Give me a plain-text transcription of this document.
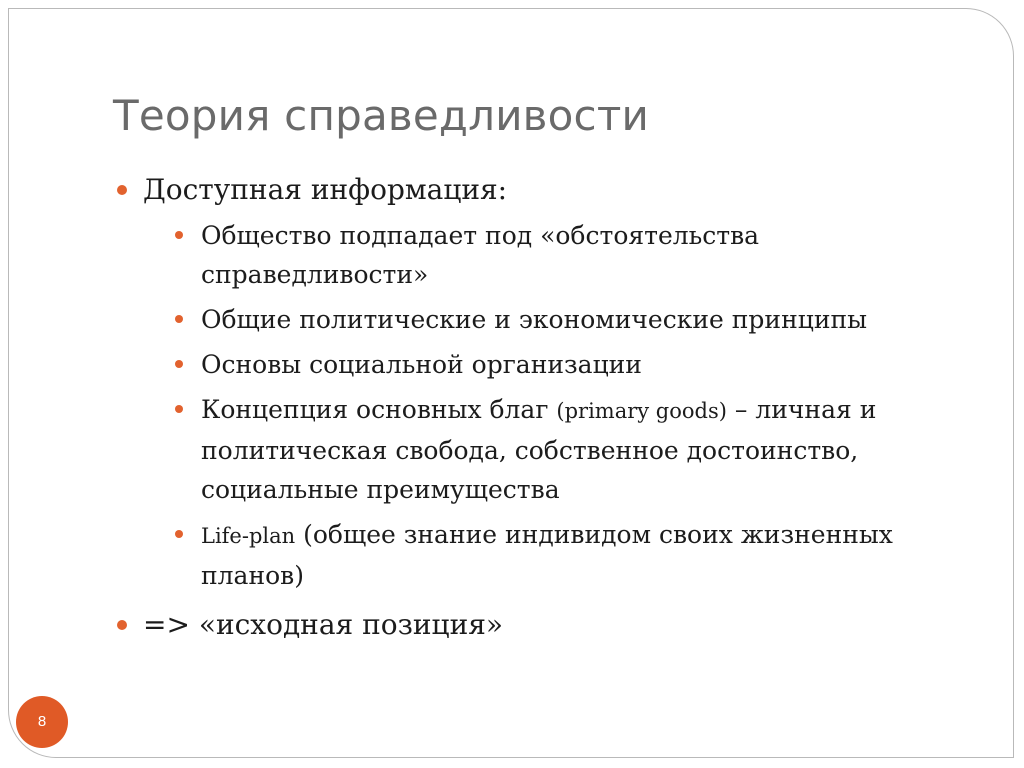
Теория справедливости
Доступная информация:
Общество подпадает под «обстоятельства справедливости»
Общие политические и экономические принципы
Основы социальной организации
Концепция основных благ (primary goods) – личная и политическая свобода, собственное достоинство, социальные преимущества
Life-plan (общее знание индивидом своих жизненных планов)
=> «исходная позиция»
8
